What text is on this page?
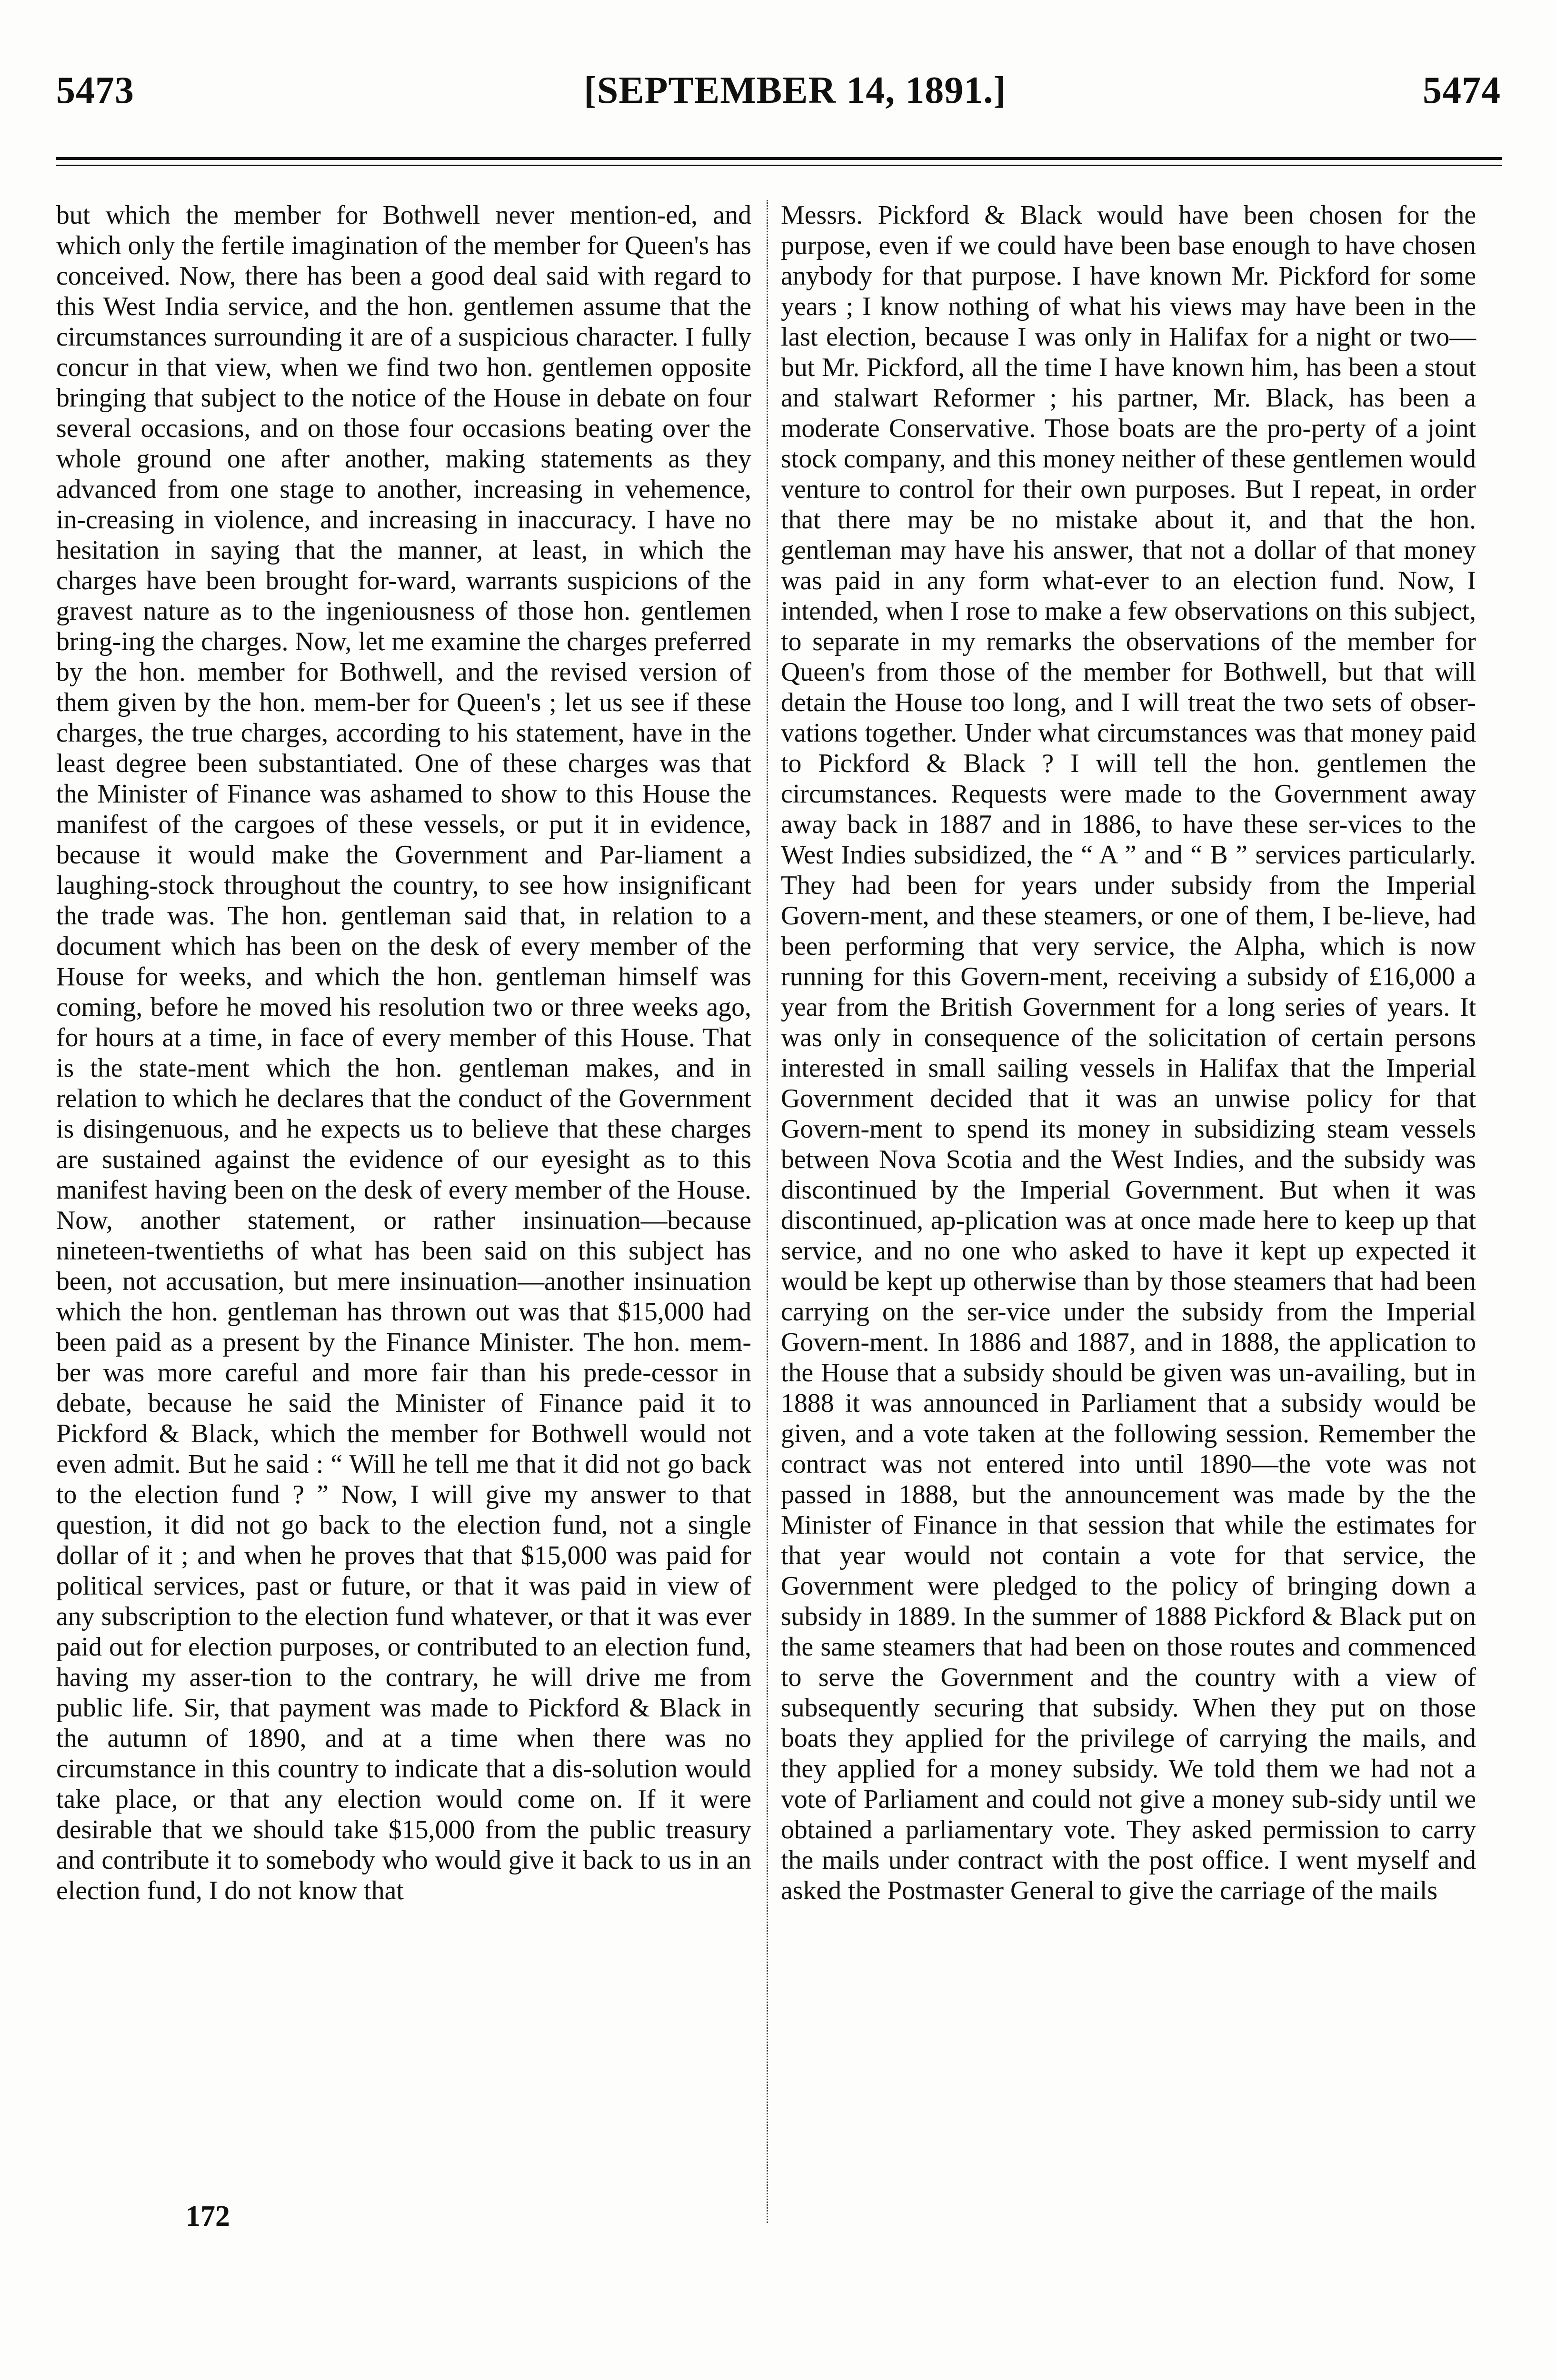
5473	[SEPTEMBER 14, 1891.]	5474

but which the member for Bothwell never mention-ed, and which only the fertile imagination of the member for Queen's has conceived. Now, there has been a good deal said with regard to this West India service, and the hon. gentlemen assume that the circumstances surrounding it are of a suspicious character. I fully concur in that view, when we find two hon. gentlemen opposite bringing that subject to the notice of the House in debate on four several occasions, and on those four occasions beating over the whole ground one after another, making statements as they advanced from one stage to another, increasing in vehemence, in-creasing in violence, and increasing in inaccuracy. I have no hesitation in saying that the manner, at least, in which the charges have been brought for-ward, warrants suspicions of the gravest nature as to the ingeniousness of those hon. gentlemen bring-ing the charges. Now, let me examine the charges preferred by the hon. member for Bothwell, and the revised version of them given by the hon. mem-ber for Queen's ; let us see if these charges, the true charges, according to his statement, have in the least degree been substantiated. One of these charges was that the Minister of Finance was ashamed to show to this House the manifest of the cargoes of these vessels, or put it in evidence, because it would make the Government and Par-liament a laughing-stock throughout the country, to see how insignificant the trade was. The hon. gentleman said that, in relation to a document which has been on the desk of every member of the House for weeks, and which the hon. gentleman himself was coming, before he moved his resolution two or three weeks ago, for hours at a time, in face of every member of this House. That is the state-ment which the hon. gentleman makes, and in relation to which he declares that the conduct of the Government is disingenuous, and he expects us to believe that these charges are sustained against the evidence of our eyesight as to this manifest having been on the desk of every member of the House. Now, another statement, or rather insinuation—because nineteen-twentieths of what has been said on this subject has been, not accusation, but mere insinuation—another insinuation which the hon. gentleman has thrown out was that $15,000 had been paid as a present by the Finance Minister. The hon. mem-ber was more careful and more fair than his prede-cessor in debate, because he said the Minister of Finance paid it to Pickford & Black, which the member for Bothwell would not even admit. But he said : “ Will he tell me that it did not go back to the election fund ? ” Now, I will give my answer to that question, it did not go back to the election fund, not a single dollar of it ; and when he proves that that $15,000 was paid for political services, past or future, or that it was paid in view of any subscription to the election fund whatever, or that it was ever paid out for election purposes, or contributed to an election fund, having my asser-tion to the contrary, he will drive me from public life. Sir, that payment was made to Pickford & Black in the autumn of 1890, and at a time when there was no circumstance in this country to indicate that a dis-solution would take place, or that any election would come on. If it were desirable that we should take $15,000 from the public treasury and contribute it to somebody who would give it back to us in an election fund, I do not know that

Messrs. Pickford & Black would have been chosen for the purpose, even if we could have been base enough to have chosen anybody for that purpose. I have known Mr. Pickford for some years ; I know nothing of what his views may have been in the last election, because I was only in Halifax for a night or two—but Mr. Pickford, all the time I have known him, has been a stout and stalwart Reformer ; his partner, Mr. Black, has been a moderate Conservative. Those boats are the pro-perty of a joint stock company, and this money neither of these gentlemen would venture to control for their own purposes. But I repeat, in order that there may be no mistake about it, and that the hon. gentleman may have his answer, that not a dollar of that money was paid in any form what-ever to an election fund. Now, I intended, when I rose to make a few observations on this subject, to separate in my remarks the observations of the member for Queen's from those of the member for Bothwell, but that will detain the House too long, and I will treat the two sets of obser-vations together. Under what circumstances was that money paid to Pickford & Black ? I will tell the hon. gentlemen the circumstances. Requests were made to the Government away away back in 1887 and in 1886, to have these ser-vices to the West Indies subsidized, the “ A ” and “ B ” services particularly. They had been for years under subsidy from the Imperial Govern-ment, and these steamers, or one of them, I be-lieve, had been performing that very service, the Alpha, which is now running for this Govern-ment, receiving a subsidy of £16,000 a year from the British Government for a long series of years. It was only in consequence of the solicitation of certain persons interested in small sailing vessels in Halifax that the Imperial Government decided that it was an unwise policy for that Govern-ment to spend its money in subsidizing steam vessels between Nova Scotia and the West Indies, and the subsidy was discontinued by the Imperial Government. But when it was discontinued, ap-plication was at once made here to keep up that service, and no one who asked to have it kept up expected it would be kept up otherwise than by those steamers that had been carrying on the ser-vice under the subsidy from the Imperial Govern-ment. In 1886 and 1887, and in 1888, the application to the House that a subsidy should be given was un-availing, but in 1888 it was announced in Parliament that a subsidy would be given, and a vote taken at the following session. Remember the contract was not entered into until 1890—the vote was not passed in 1888, but the announcement was made by the the Minister of Finance in that session that while the estimates for that year would not contain a vote for that service, the Government were pledged to the policy of bringing down a subsidy in 1889. In the summer of 1888 Pickford & Black put on the same steamers that had been on those routes and commenced to serve the Government and the country with a view of subsequently securing that subsidy. When they put on those boats they applied for the privilege of carrying the mails, and they applied for a money subsidy. We told them we had not a vote of Parliament and could not give a money sub-sidy until we obtained a parliamentary vote. They asked permission to carry the mails under contract with the post office. I went myself and asked the Postmaster General to give the carriage of the mails

172
